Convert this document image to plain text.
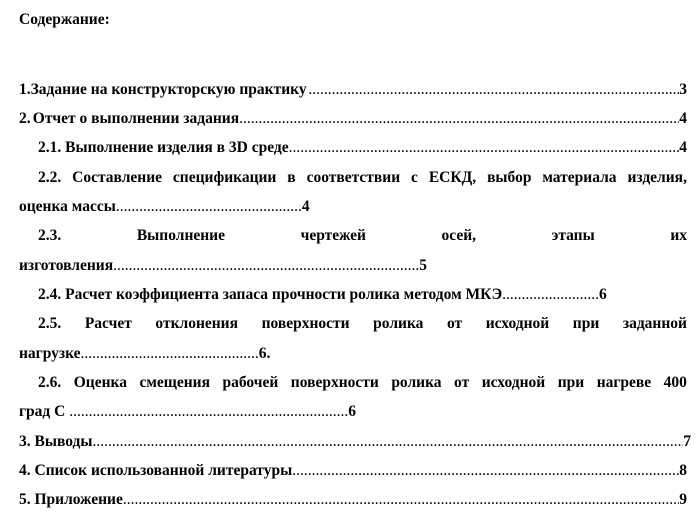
Содержание:
1. Задание на конструкторскую практику .....	3
2. Отчет о выполнении задания .....	4
2.1. Выполнение изделия в 3D среде .....	4
2.2. Составление спецификации в соответствии с ЕСКД, выбор материала изделия,
оценка массы................................................4
2.3.	Выполнение	чертежей	осей,	этапы	их
изготовления...............................................................................5
2.4. Расчет коэффициента запаса прочности ролика методом МКЭ.........................6
2.5. Расчет отклонения поверхности ролика от исходной при заданной
нагрузке..............................................6.
2.6. Оценка смещения рабочей поверхности ролика от исходной при нагреве 400
град С ........................................................................6
3. Выводы .....	7
4. Список использованной литературы .....	8
5. Приложение .....	9
